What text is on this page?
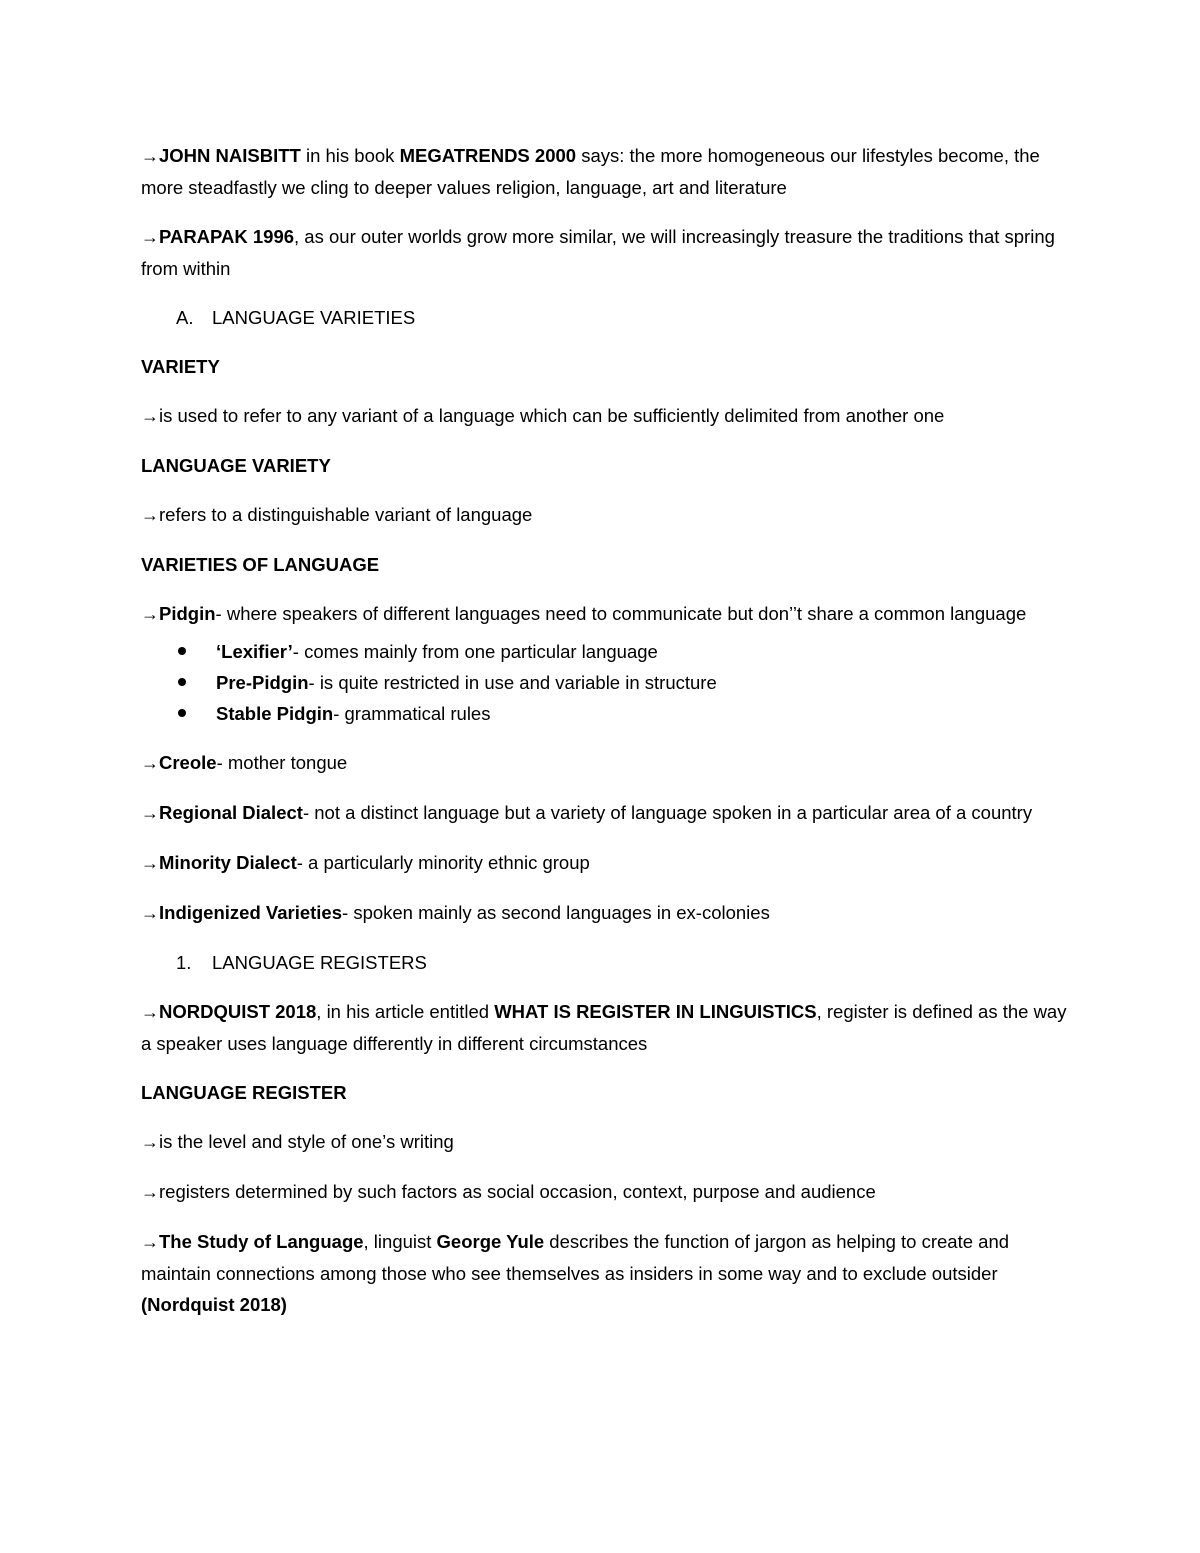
→JOHN NAISBITT in his book MEGATRENDS 2000 says: the more homogeneous our lifestyles become, the more steadfastly we cling to deeper values religion, language, art and literature

→PARAPAK 1996, as our outer worlds grow more similar, we will increasingly treasure the traditions that spring from within

A. LANGUAGE VARIETIES

VARIETY

→is used to refer to any variant of a language which can be sufficiently delimited from another one

LANGUAGE VARIETY

→refers to a distinguishable variant of language

VARIETIES OF LANGUAGE

→Pidgin- where speakers of different languages need to communicate but don’’t share a common language

‘Lexifier’- comes mainly from one particular language
Pre-Pidgin- is quite restricted in use and variable in structure
Stable Pidgin- grammatical rules

→Creole- mother tongue

→Regional Dialect- not a distinct language but a variety of language spoken in a particular area of a country

→Minority Dialect- a particularly minority ethnic group

→Indigenized Varieties- spoken mainly as second languages in ex-colonies

1. LANGUAGE REGISTERS

→NORDQUIST 2018, in his article entitled WHAT IS REGISTER IN LINGUISTICS, register is defined as the way a speaker uses language differently in different circumstances

LANGUAGE REGISTER

→is the level and style of one’s writing

→registers determined by such factors as social occasion, context, purpose and audience

→The Study of Language, linguist George Yule describes the function of jargon as helping to create and maintain connections among those who see themselves as insiders in some way and to exclude outsider (Nordquist 2018)
